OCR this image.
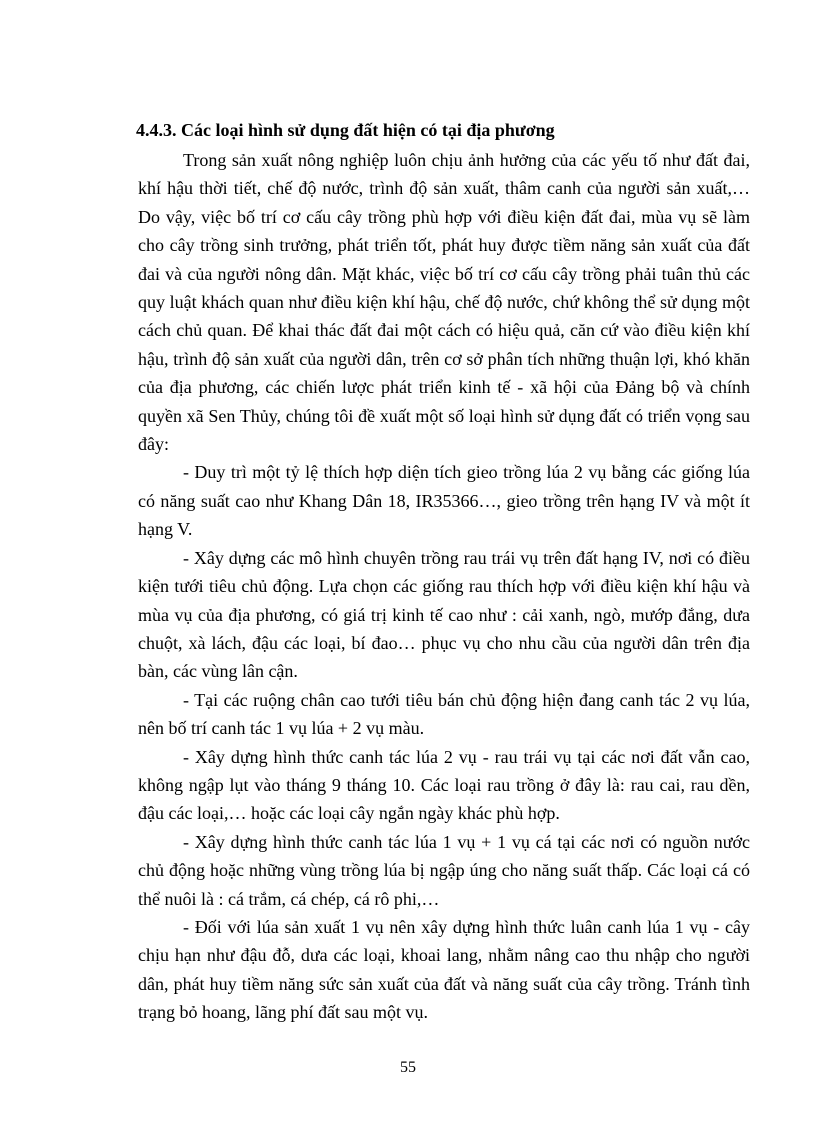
4.4.3. Các loại hình sử dụng đất hiện có tại địa phương

Trong sản xuất nông nghiệp luôn chịu ảnh hưởng của các yếu tố như đất đai, khí hậu thời tiết, chế độ nước, trình độ sản xuất, thâm canh của người sản xuất,… Do vậy, việc bố trí cơ cấu cây trồng phù hợp với điều kiện đất đai, mùa vụ sẽ làm cho cây trồng sinh trưởng, phát triển tốt, phát huy được tiềm năng sản xuất của đất đai và của người nông dân. Mặt khác, việc bố trí cơ cấu cây trồng phải tuân thủ các quy luật khách quan như điều kiện khí hậu, chế độ nước, chứ không thể sử dụng một cách chủ quan. Để khai thác đất đai một cách có hiệu quả, căn cứ vào điều kiện khí hậu, trình độ sản xuất của người dân, trên cơ sở phân tích những thuận lợi, khó khăn của địa phương, các chiến lược phát triển kinh tế - xã hội của Đảng bộ và chính quyền xã Sen Thủy, chúng tôi đề xuất một số loại hình sử dụng đất có triển vọng sau đây:

- Duy trì một tỷ lệ thích hợp diện tích gieo trồng lúa 2 vụ bằng các giống lúa có năng suất cao như Khang Dân 18, IR35366…, gieo trồng trên hạng IV và một ít hạng V.

- Xây dựng các mô hình chuyên trồng rau trái vụ trên đất hạng IV, nơi có điều kiện tưới tiêu chủ động. Lựa chọn các giống rau thích hợp với điều kiện khí hậu và mùa vụ của địa phương, có giá trị kinh tế cao như : cải xanh, ngò, mướp đắng, dưa chuột, xà lách, đậu các loại, bí đao… phục vụ cho nhu cầu của người dân trên địa bàn, các vùng lân cận.

- Tại các ruộng chân cao tưới tiêu bán chủ động hiện đang canh tác 2 vụ lúa, nên bố trí canh tác 1 vụ lúa + 2 vụ màu.

- Xây dựng hình thức canh tác lúa 2 vụ - rau trái vụ tại các nơi đất vẫn cao, không ngập lụt vào tháng 9 tháng 10. Các loại rau trồng ở đây là: rau cai, rau dền, đậu các loại,… hoặc các loại cây ngắn ngày khác phù hợp.

- Xây dựng hình thức canh tác lúa 1 vụ + 1 vụ cá tại các nơi có nguồn nước chủ động hoặc những vùng trồng lúa bị ngập úng cho năng suất thấp. Các loại cá có thể nuôi là : cá trắm, cá chép, cá rô phi,…

- Đối với lúa sản xuất 1 vụ nên xây dựng hình thức luân canh lúa 1 vụ - cây chịu hạn như đậu đỗ, dưa các loại, khoai lang, nhằm nâng cao thu nhập cho người dân, phát huy tiềm năng sức sản xuất của đất và năng suất của cây trồng. Tránh tình trạng bỏ hoang, lãng phí đất sau một vụ.

55
